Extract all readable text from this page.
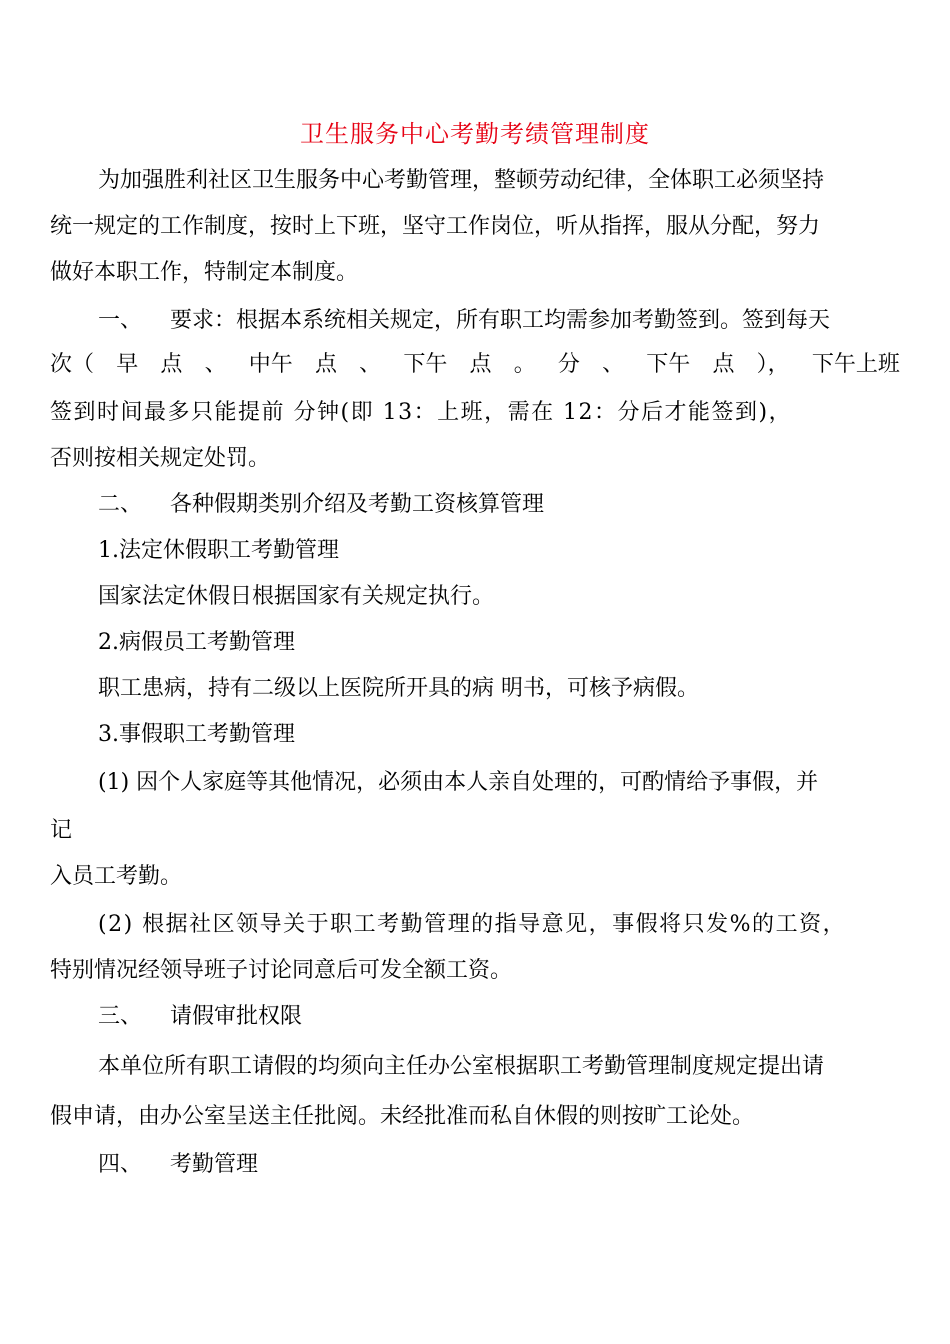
卫生服务中心考勤考绩管理制度
为加强胜利社区卫生服务中心考勤管理，整顿劳动纪律，全体职工必须坚持
统一规定的工作制度，按时上下班，坚守工作岗位，听从指挥，服从分配，努力
做好本职工作，特制定本制度。
一、 要求：根据本系统相关规定，所有职工均需参加考勤签到。签到每天
次（ 早 点 、 中午 点 、 下午 点 。 分 、 下午 点 ）， 下午上班
签到时间最多只能提前 分钟(即 13：上班，需在 12：分后才能签到)，
否则按相关规定处罚。
二、 各种假期类别介绍及考勤工资核算管理
1.法定休假职工考勤管理
国家法定休假日根据国家有关规定执行。
2.病假员工考勤管理
职工患病，持有二级以上医院所开具的病 明书，可核予病假。
3.事假职工考勤管理
(1) 因个人家庭等其他情况，必须由本人亲自处理的，可酌情给予事假，并
记
入员工考勤。
(2) 根据社区领导关于职工考勤管理的指导意见，事假将只发%的工资，
特别情况经领导班子讨论同意后可发全额工资。
三、 请假审批权限
本单位所有职工请假的均须向主任办公室根据职工考勤管理制度规定提出请
假申请，由办公室呈送主任批阅。未经批准而私自休假的则按旷工论处。
四、 考勤管理
